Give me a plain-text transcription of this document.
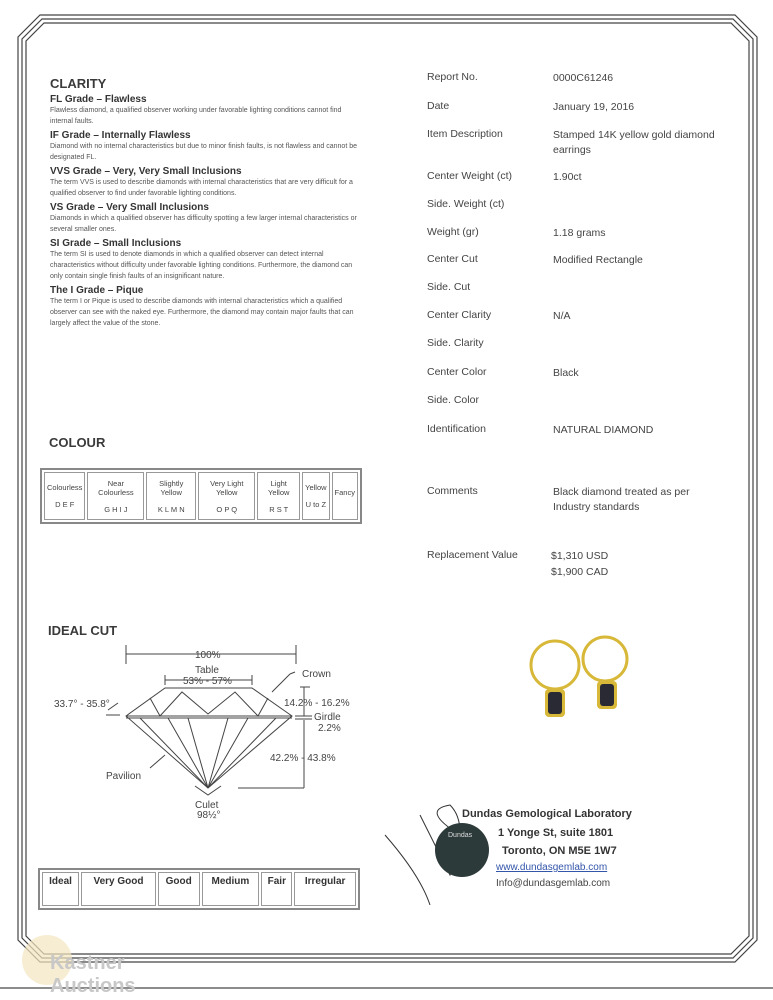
CLARITY
FL Grade – Flawless
Flawless diamond, a qualified observer working under favorable lighting conditions cannot find internal faults.
IF Grade – Internally Flawless
Diamond with no internal characteristics but due to minor finish faults, is not flawless and cannot be designated FL.
VVS Grade – Very, Very Small Inclusions
The term VVS is used to describe diamonds with internal characteristics that are very difficult for a qualified observer to find under favorable lighting conditions.
VS Grade – Very Small Inclusions
Diamonds in which a qualified observer has difficulty spotting a few larger internal characteristics or several smaller ones.
SI Grade – Small Inclusions
The term SI is used to denote diamonds in which a qualified observer can detect internal characteristics without difficulty under favorable lighting conditions. Furthermore, the diamond can only contain single finish faults of an insignificant nature.
The I Grade – Pique
The term I or Pique is used to describe diamonds with internal characteristics which a qualified observer can see with the naked eye. Furthermore, the diamond may contain major faults that can largely affect the value of the stone.
COLOUR
Colourless
D E F

Near Colourless
G H I J

Slightly Yellow
K L M N

Very Light Yellow
O P Q

Light Yellow
R S T

Yellow
U to Z

Fancy
IDEAL CUT
100%
Table
53% - 57%
Crown
33.7° - 35.8°	14.2% - 16.2%
Girdle
2.2%
42.2% - 43.8%
Pavilion
Culet
98½°
Ideal	Very Good	Good	Medium	Fair	Irregular
Report No.	0000C61246
Date	January 19, 2016
Item Description	Stamped 14K yellow gold diamond earrings
Center Weight (ct)	1.90ct
Side. Weight (ct)
Weight (gr)	1.18 grams
Center Cut	Modified Rectangle
Side. Cut
Center Clarity	N/A
Side. Clarity
Center Color	Black
Side. Color
Identification	NATURAL DIAMOND
Comments	Black diamond treated as per Industry standards
Replacement Value	$1,310 USD
$1,900 CAD
Dundas
Dundas Gemological Laboratory
1 Yonge St, suite 1801
Toronto, ON M5E 1W7
www.dundasgemlab.com
Info@dundasgemlab.com
Kastner Auctions
